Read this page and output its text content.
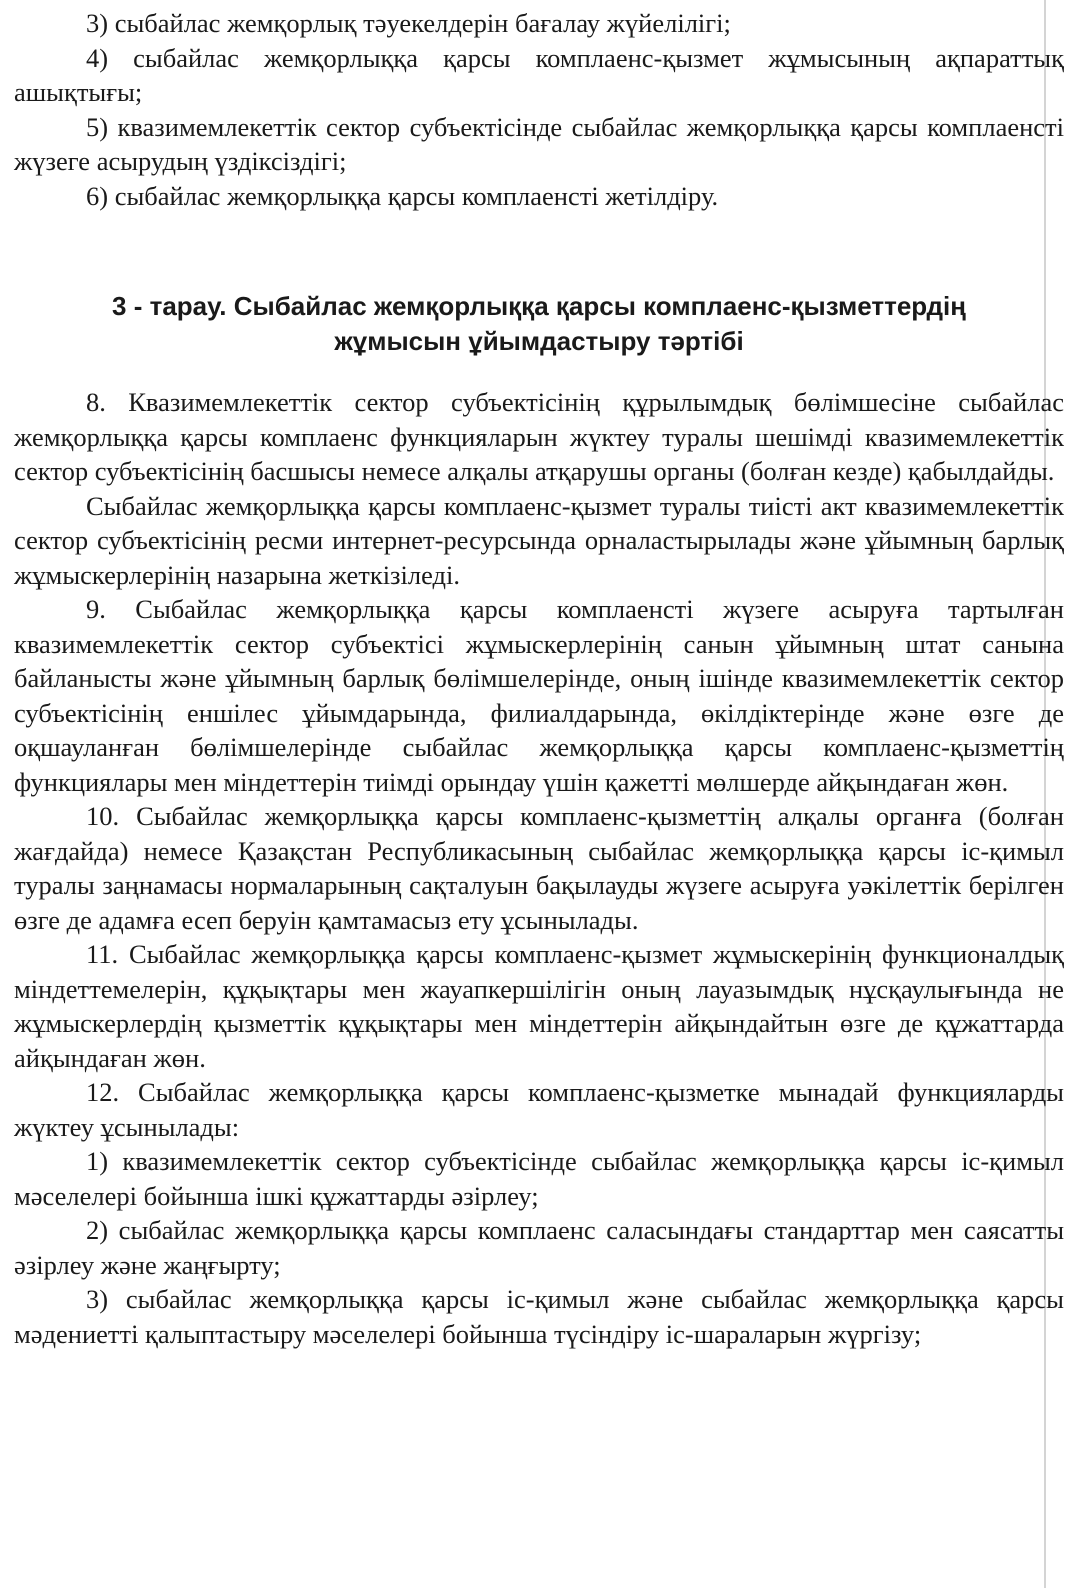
3) сыбайлас жемқорлық тәуекелдерін бағалау жүйелілігі;

4) сыбайлас жемқорлыққа қарсы комплаенс-қызмет жұмысының ақпараттық ашықтығы;

5) квазимемлекеттік сектор субъектісінде сыбайлас жемқорлыққа қарсы комплаенсті жүзеге асырудың үздіксіздігі;

6) сыбайлас жемқорлыққа қарсы комплаенсті жетілдіру.

3 - тарау. Сыбайлас жемқорлыққа қарсы комплаенс-қызметтердің
жұмысын ұйымдастыру тәртібі

8. Квазимемлекеттік сектор субъектісінің құрылымдық бөлімшесіне сыбайлас жемқорлыққа қарсы комплаенс функцияларын жүктеу туралы шешімді квазимемлекеттік сектор субъектісінің басшысы немесе алқалы атқарушы органы (болған кезде) қабылдайды.

Сыбайлас жемқорлыққа қарсы комплаенс-қызмет туралы тиісті акт квазимемлекеттік сектор субъектісінің ресми интернет-ресурсында орналастырылады және ұйымның барлық жұмыскерлерінің назарына жеткізіледі.

9. Сыбайлас жемқорлыққа қарсы комплаенсті жүзеге асыруға тартылған квазимемлекеттік сектор субъектісі жұмыскерлерінің санын ұйымның штат санына байланысты және ұйымның барлық бөлімшелерінде, оның ішінде квазимемлекеттік сектор субъектісінің еншілес ұйымдарында, филиалдарында, өкілдіктерінде және өзге де оқшауланған бөлімшелерінде сыбайлас жемқорлыққа қарсы комплаенс-қызметтің функциялары мен міндеттерін тиімді орындау үшін қажетті мөлшерде айқындаған жөн.

10. Сыбайлас жемқорлыққа қарсы комплаенс-қызметтің алқалы органға (болған жағдайда) немесе Қазақстан Республикасының сыбайлас жемқорлыққа қарсы іс-қимыл туралы заңнамасы нормаларының сақталуын бақылауды жүзеге асыруға уәкілеттік берілген өзге де адамға есеп беруін қамтамасыз ету ұсынылады.

11. Сыбайлас жемқорлыққа қарсы комплаенс-қызмет жұмыскерінің функционалдық міндеттемелерін, құқықтары мен жауапкершілігін оның лауазымдық нұсқаулығында не жұмыскерлердің қызметтік құқықтары мен міндеттерін айқындайтын өзге де құжаттарда айқындаған жөн.

12. Сыбайлас жемқорлыққа қарсы комплаенс-қызметке мынадай функцияларды жүктеу ұсынылады:

1) квазимемлекеттік сектор субъектісінде сыбайлас жемқорлыққа қарсы іс-қимыл мәселелері бойынша ішкі құжаттарды әзірлеу;

2) сыбайлас жемқорлыққа қарсы комплаенс саласындағы стандарттар мен саясатты әзірлеу және жаңғырту;

3) сыбайлас жемқорлыққа қарсы іс-қимыл және сыбайлас жемқорлыққа қарсы мәдениетті қалыптастыру мәселелері бойынша түсіндіру іс-шараларын жүргізу;
